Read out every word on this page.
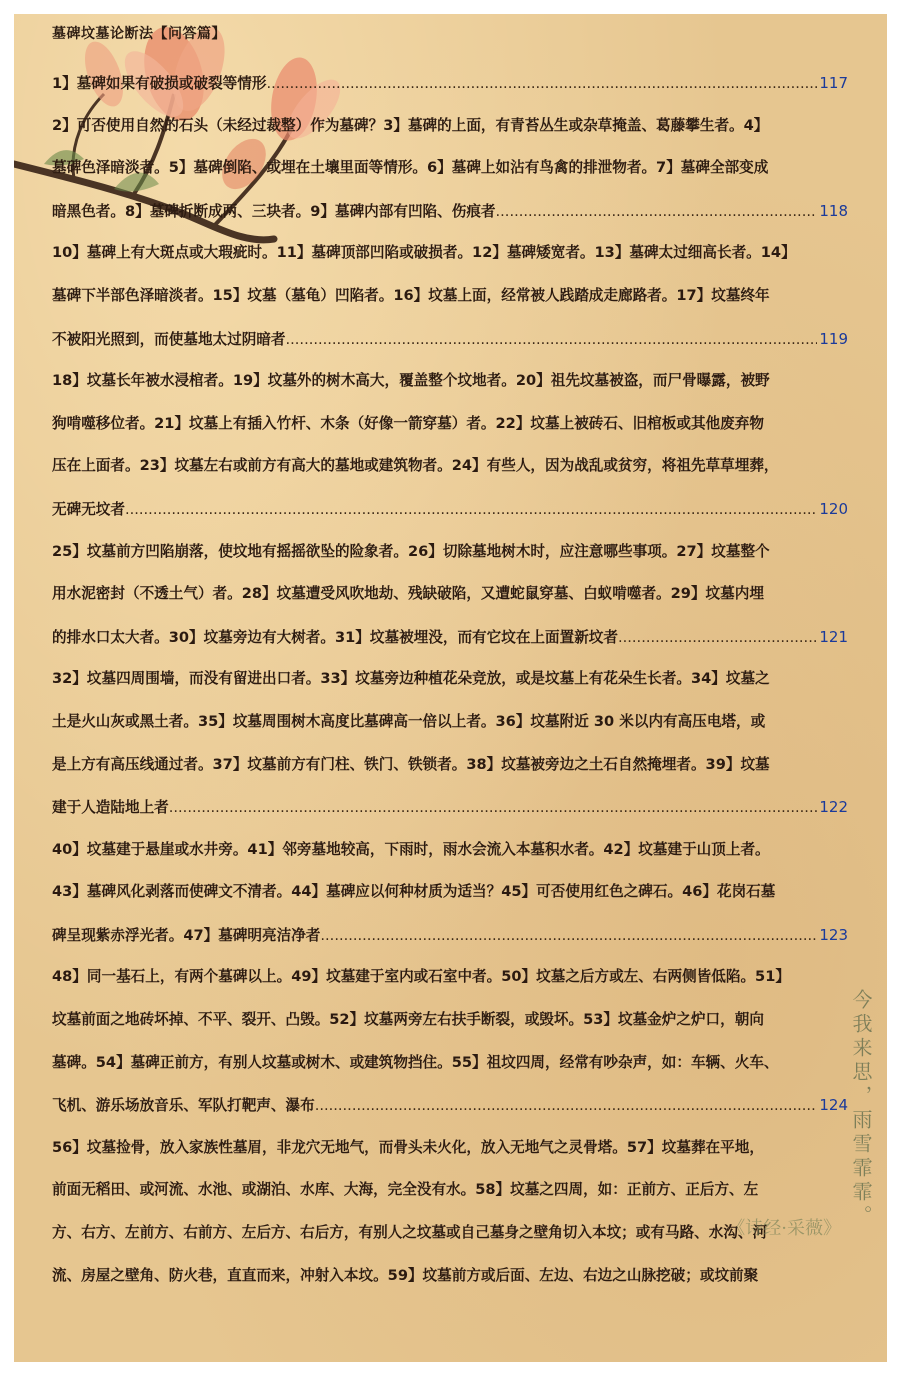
墓碑坟墓论断法【问答篇】
1】墓碑如果有破损或破裂等情形 .....	117
2】可否使用自然的石头（未经过裁整）作为墓碑？3】墓碑的上面，有青苔丛生或杂草掩盖、葛藤攀生者。4】
墓碑色泽暗淡者。5】墓碑倒陷、或埋在土壤里面等情形。6】墓碑上如沾有鸟禽的排泄物者。7】墓碑全部变成
暗黑色者。8】墓碑折断成两、三块者。9】墓碑内部有凹陷、伤痕者 .....	118
10】墓碑上有大斑点或大瑕疵时。11】墓碑顶部凹陷或破损者。12】墓碑矮宽者。13】墓碑太过细高长者。14】
墓碑下半部色泽暗淡者。15】坟墓（墓龟）凹陷者。16】坟墓上面，经常被人践踏成走廊路者。17】坟墓终年
不被阳光照到，而使墓地太过阴暗者 .....	119
18】坟墓长年被水浸棺者。19】坟墓外的树木高大，覆盖整个坟地者。20】祖先坟墓被盗，而尸骨曝露，被野
狗啃噬移位者。21】坟墓上有插入竹杆、木条（好像一箭穿墓）者。22】坟墓上被砖石、旧棺板或其他废弃物
压在上面者。23】坟墓左右或前方有高大的墓地或建筑物者。24】有些人，因为战乱或贫穷，将祖先草草埋葬，
无碑无坟者 .....	120
25】坟墓前方凹陷崩落，使坟地有摇摇欲坠的险象者。26】切除墓地树木时，应注意哪些事项。27】坟墓整个
用水泥密封（不透土气）者。28】坟墓遭受风吹地劫、残缺破陷，又遭蛇鼠穿墓、白蚁啃噬者。29】坟墓内埋
的排水口太大者。30】坟墓旁边有大树者。31】坟墓被埋没，而有它坟在上面置新坟者 .....	121
32】坟墓四周围墙，而没有留进出口者。33】坟墓旁边种植花朵竞放，或是坟墓上有花朵生长者。34】坟墓之
土是火山灰或黑土者。35】坟墓周围树木高度比墓碑高一倍以上者。36】坟墓附近 30 米以内有高压电塔，或
是上方有高压线通过者。37】坟墓前方有门柱、铁门、铁锁者。38】坟墓被旁边之土石自然掩埋者。39】坟墓
建于人造陆地上者 .....	122
40】坟墓建于悬崖或水井旁。41】邻旁墓地较高，下雨时，雨水会流入本墓积水者。42】坟墓建于山顶上者。
43】墓碑风化剥落而使碑文不清者。44】墓碑应以何种材质为适当？45】可否使用红色之碑石。46】花岗石墓
碑呈现紫赤浮光者。47】墓碑明亮洁净者 .....	123
48】同一基石上，有两个墓碑以上。49】坟墓建于室内或石室中者。50】坟墓之后方或左、右两侧皆低陷。51】
坟墓前面之地砖坏掉、不平、裂开、凸毁。52】坟墓两旁左右扶手断裂，或毁坏。53】坟墓金炉之炉口，朝向
墓碑。54】墓碑正前方，有别人坟墓或树木、或建筑物挡住。55】祖坟四周，经常有吵杂声，如：车辆、火车、
飞机、游乐场放音乐、军队打靶声、瀑布 .....	124
56】坟墓捡骨，放入家族性墓眉，非龙穴无地气，而骨头未火化，放入无地气之灵骨塔。57】坟墓葬在平地，
前面无稻田、或河流、水池、或湖泊、水库、大海，完全没有水。58】坟墓之四周，如：正前方、正后方、左
方、右方、左前方、右前方、左后方、右后方，有别人之坟墓或自己墓身之壁角切入本坟；或有马路、水沟、河
流、房屋之壁角、防火巷，直直而来，冲射入本坟。59】坟墓前方或后面、左边、右边之山脉挖破；或坟前聚
今我来思，雨雪霏霏。
《诗经·采薇》
